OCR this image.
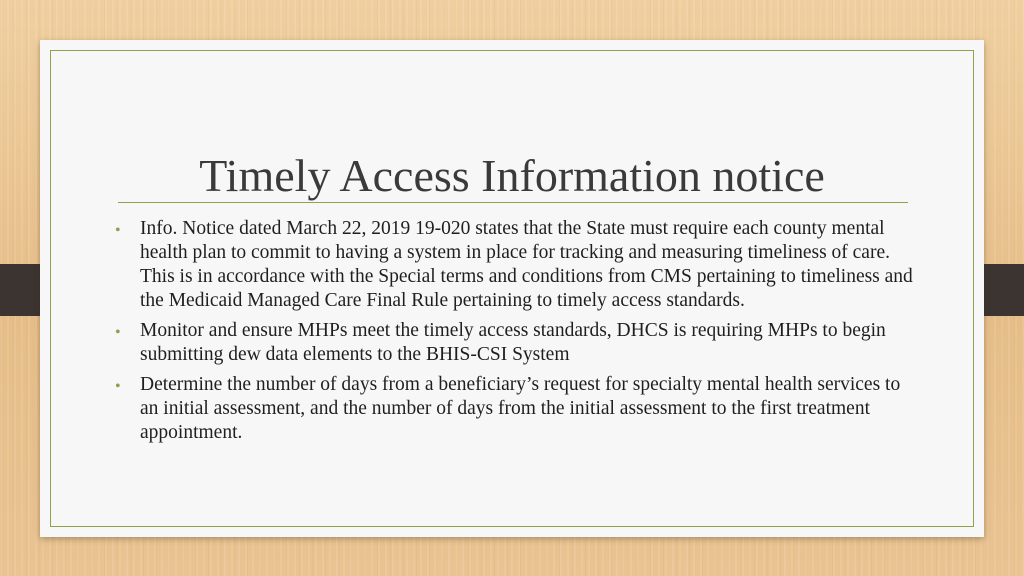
Timely Access Information notice
• Info. Notice dated March 22, 2019 19-020 states that the State must require each county mental health plan to commit to having a system in place for tracking and measuring timeliness of care. This is in accordance with the Special terms and conditions from CMS pertaining to timeliness and the Medicaid Managed Care Final Rule pertaining to timely access standards.
• Monitor and ensure MHPs meet the timely access standards, DHCS is requiring MHPs to begin submitting dew data elements to the BHIS-CSI System
• Determine the number of days from a beneficiary’s request for specialty mental health services to an initial assessment, and the number of days from the initial assessment to the first treatment appointment.
